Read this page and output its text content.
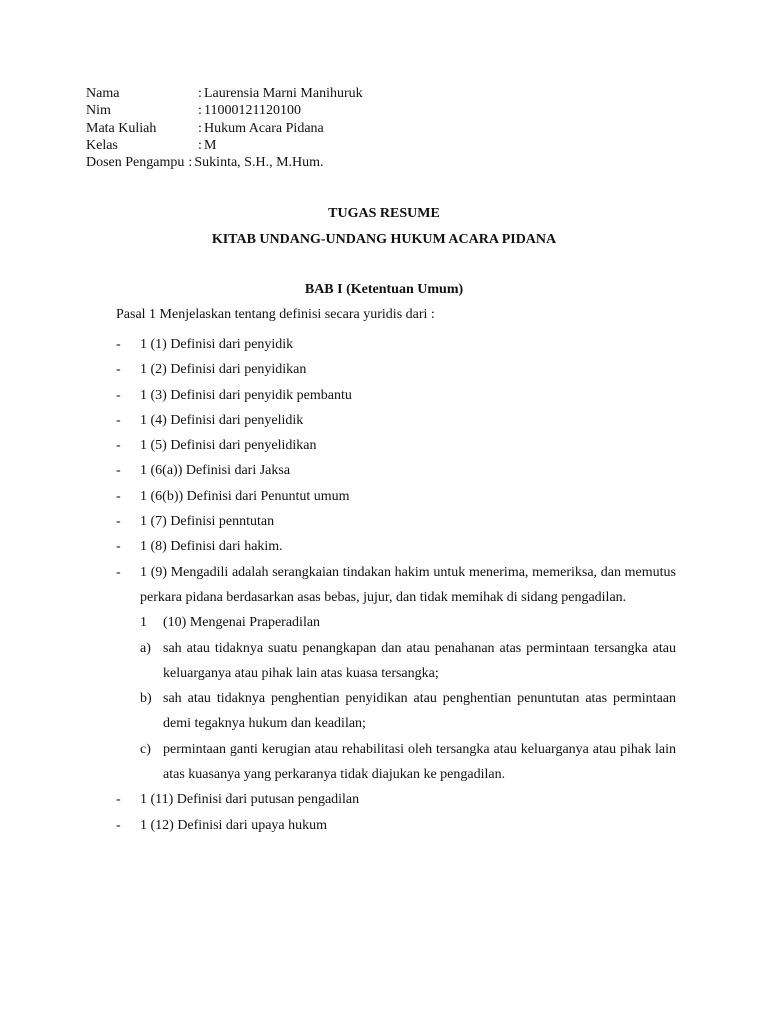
Nama	: Laurensia Marni Manihuruk
Nim	: 11000121120100
Mata Kuliah	: Hukum Acara Pidana
Kelas	: M
Dosen Pengampu : Sukinta, S.H., M.Hum.
TUGAS RESUME
KITAB UNDANG-UNDANG HUKUM ACARA PIDANA
BAB I (Ketentuan Umum)
Pasal 1 Menjelaskan tentang definisi secara yuridis dari :
-	1 (1) Definisi dari penyidik
-	1 (2) Definisi dari penyidikan
-	1 (3) Definisi dari penyidik pembantu
-	1 (4) Definisi dari penyelidik
-	1 (5) Definisi dari penyelidikan
-	1 (6(a)) Definisi dari Jaksa
-	1 (6(b)) Definisi dari Penuntut umum
-	1 (7) Definisi penntutan
-	1 (8) Definisi dari hakim.
-	1 (9) Mengadili adalah serangkaian tindakan hakim untuk menerima, memeriksa, dan memutus perkara pidana berdasarkan asas bebas, jujur, dan tidak memihak di sidang pengadilan.
1	(10) Mengenai Praperadilan
a) sah atau tidaknya suatu penangkapan dan atau penahanan atas permintaan tersangka atau keluarganya atau pihak lain atas kuasa tersangka;
b) sah atau tidaknya penghentian penyidikan atau penghentian penuntutan atas permintaan demi tegaknya hukum dan keadilan;
c) permintaan ganti kerugian atau rehabilitasi oleh tersangka atau keluarganya atau pihak lain atas kuasanya yang perkaranya tidak diajukan ke pengadilan.
-	1 (11) Definisi dari putusan pengadilan
-	1 (12) Definisi dari upaya hukum
